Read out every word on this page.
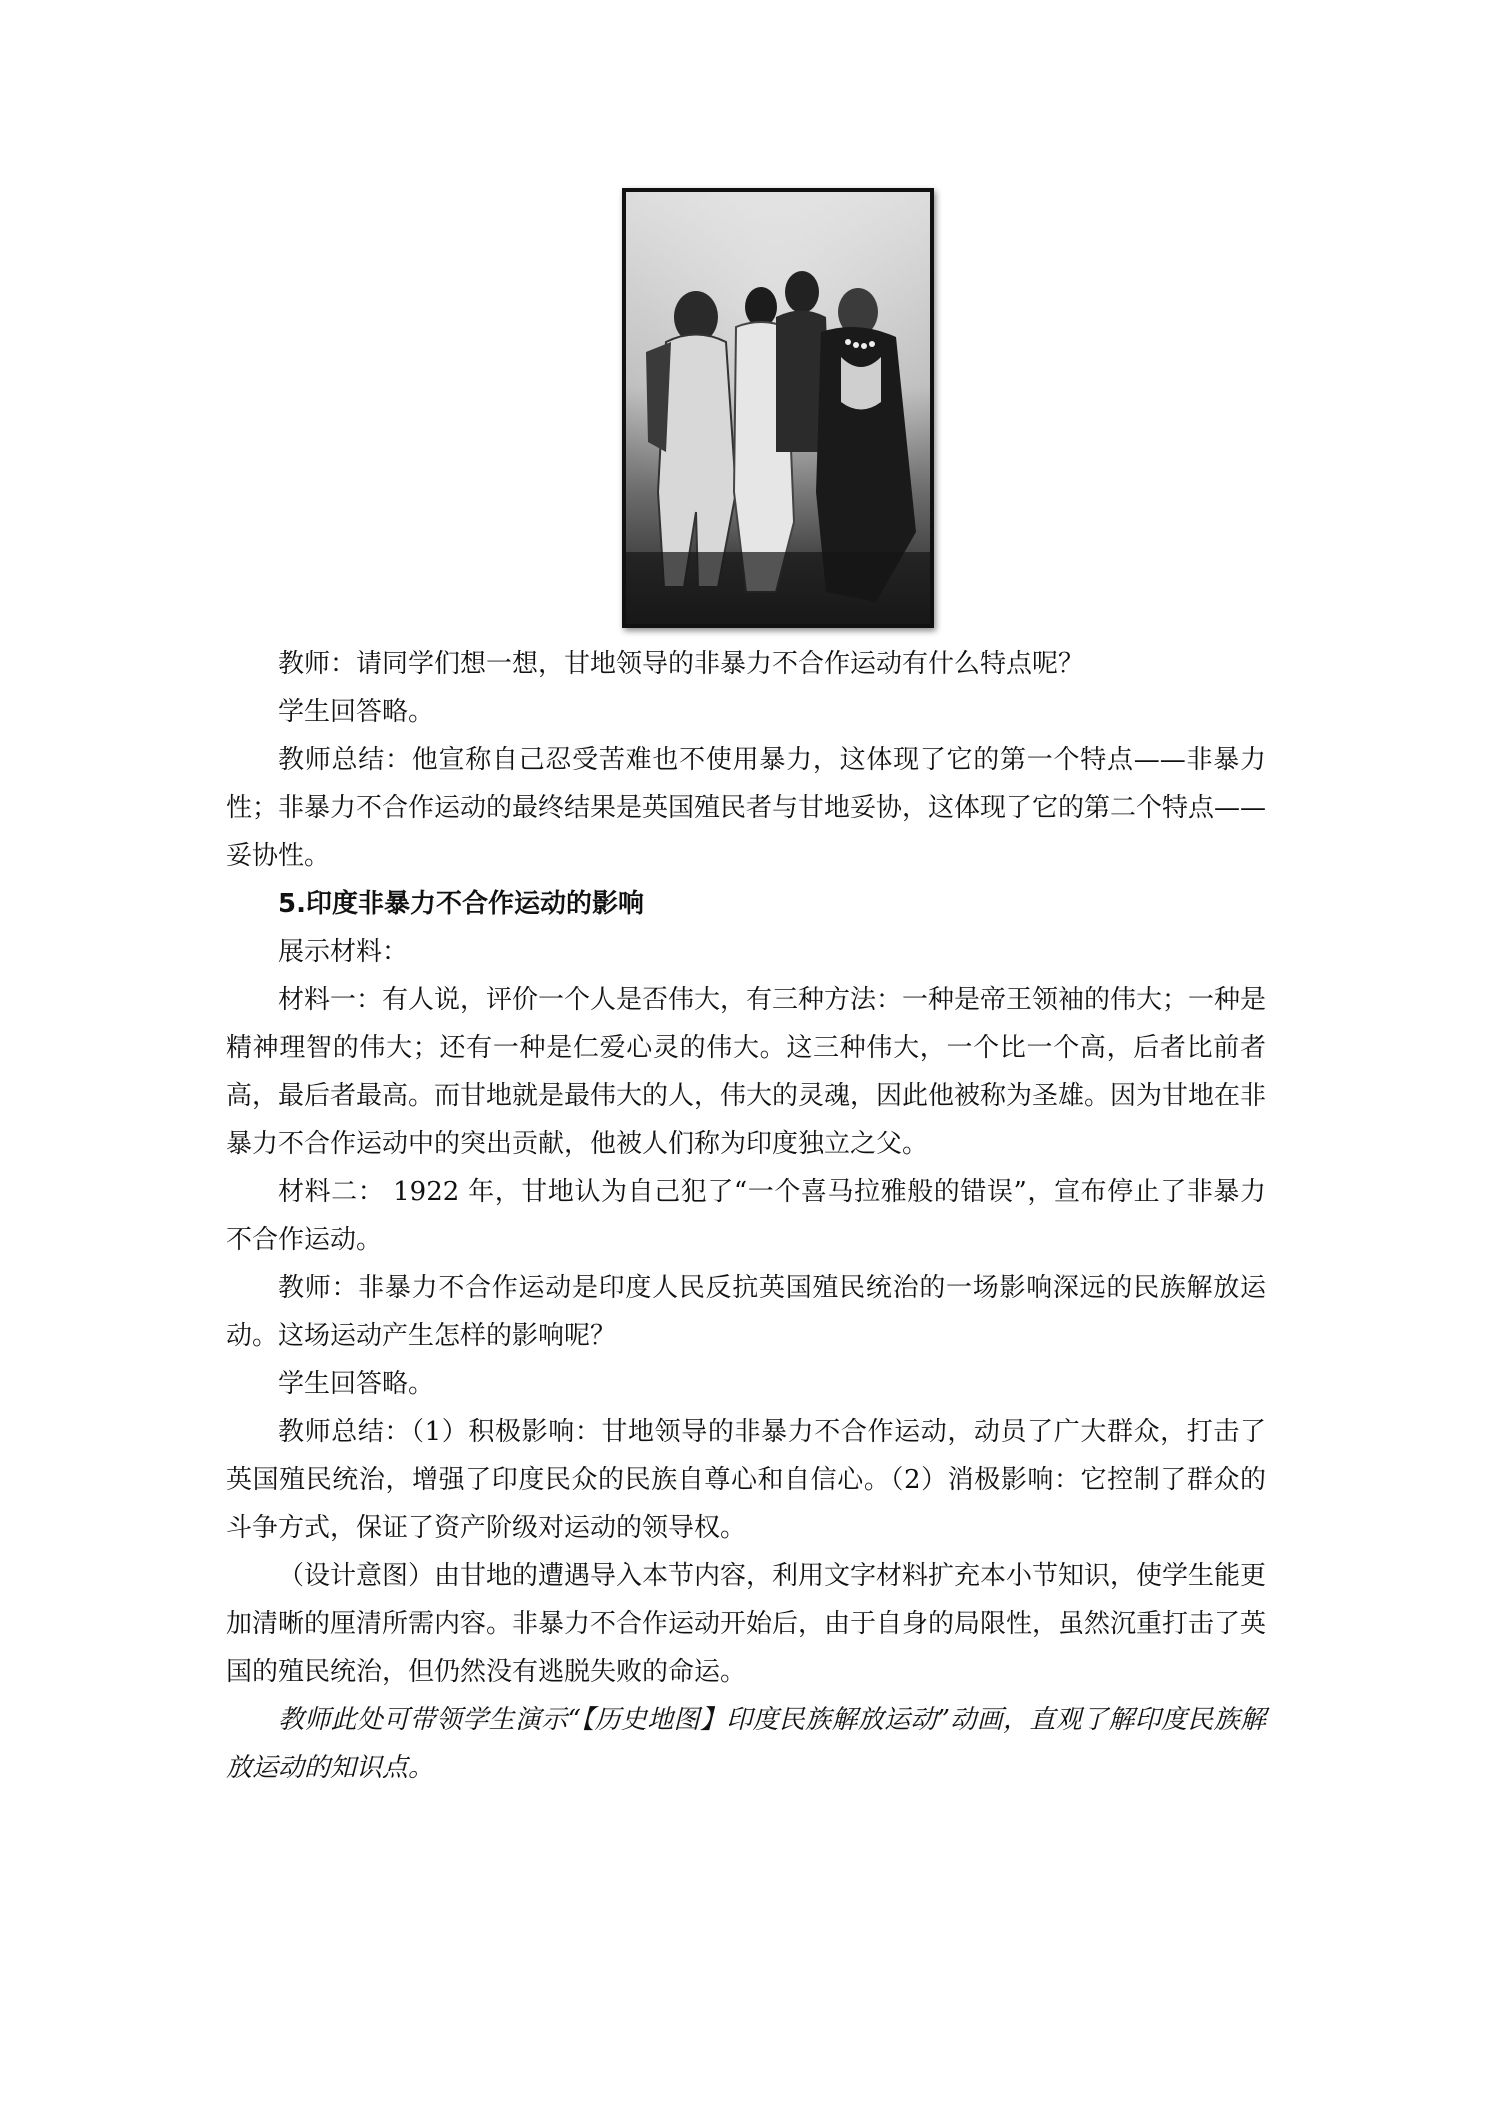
教师：请同学们想一想，甘地领导的非暴力不合作运动有什么特点呢？

学生回答略。

教师总结：他宣称自己忍受苦难也不使用暴力，这体现了它的第一个特点——非暴力性；非暴力不合作运动的最终结果是英国殖民者与甘地妥协，这体现了它的第二个特点——妥协性。

5.印度非暴力不合作运动的影响

展示材料：

材料一：有人说，评价一个人是否伟大，有三种方法：一种是帝王领袖的伟大；一种是精神理智的伟大；还有一种是仁爱心灵的伟大。这三种伟大，一个比一个高，后者比前者高，最后者最高。而甘地就是最伟大的人，伟大的灵魂，因此他被称为圣雄。因为甘地在非暴力不合作运动中的突出贡献，他被人们称为印度独立之父。

材料二： 1922 年，甘地认为自己犯了“一个喜马拉雅般的错误”，宣布停止了非暴力不合作运动。

教师：非暴力不合作运动是印度人民反抗英国殖民统治的一场影响深远的民族解放运动。这场运动产生怎样的影响呢？

学生回答略。

教师总结：（1）积极影响：甘地领导的非暴力不合作运动，动员了广大群众，打击了英国殖民统治，增强了印度民众的民族自尊心和自信心。（2）消极影响：它控制了群众的斗争方式，保证了资产阶级对运动的领导权。

（设计意图）由甘地的遭遇导入本节内容，利用文字材料扩充本小节知识，使学生能更加清晰的厘清所需内容。非暴力不合作运动开始后，由于自身的局限性，虽然沉重打击了英国的殖民统治，但仍然没有逃脱失败的命运。

教师此处可带领学生演示“【历史地图】印度民族解放运动”动画，直观了解印度民族解放运动的知识点。
